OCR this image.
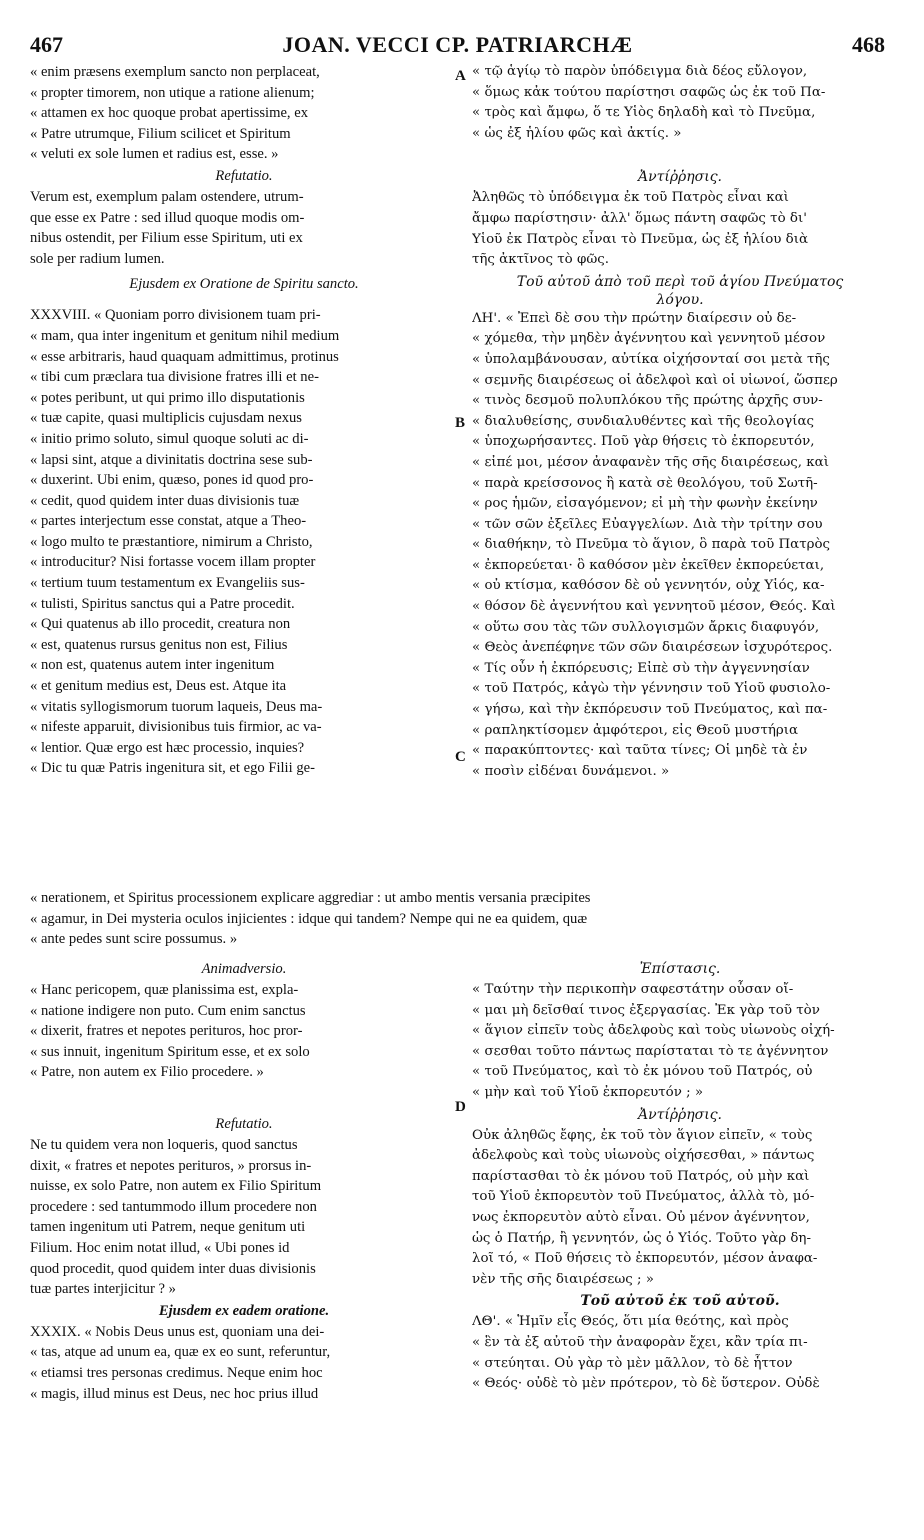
467	JOAN. VECCI CP. PATRIARCHÆ	468
A
B
C
D
« enim præsens exemplum sancto non perplaceat,
« propter timorem, non utique a ratione alienum;
« attamen ex hoc quoque probat apertissime, ex
« Patre utrumque, Filium scilicet et Spiritum
« veluti ex sole lumen et radius est, esse. »
Refutatio.
Verum est, exemplum palam ostendere, utrum-
que esse ex Patre : sed illud quoque modis om-
nibus ostendit, per Filium esse Spiritum, uti ex
sole per radium lumen.
Ejusdem ex Oratione de Spiritu sancto.
XXXVIII. « Quoniam porro divisionem tuam pri-
« mam, qua inter ingenitum et genitum nihil medium
« esse arbitraris, haud quaquam admittimus, protinus
« tibi cum præclara tua divisione fratres illi et ne-
« potes peribunt, ut qui primo illo disputationis
« tuæ capite, quasi multiplicis cujusdam nexus
« initio primo soluto, simul quoque soluti ac di-
« lapsi sint, atque a divinitatis doctrina sese sub-
« duxerint. Ubi enim, quæso, pones id quod pro-
« cedit, quod quidem inter duas divisionis tuæ
« partes interjectum esse constat, atque a Theo-
« logo multo te præstantiore, nimirum a Christo,
« introducitur? Nisi fortasse vocem illam propter
« tertium tuum testamentum ex Evangeliis sus-
« tulisti, Spiritus sanctus qui a Patre procedit.
« Qui quatenus ab illo procedit, creatura non
« est, quatenus rursus genitus non est, Filius
« non est, quatenus autem inter ingenitum
« et genitum medius est, Deus est. Atque ita
« vitatis syllogismorum tuorum laqueis, Deus ma-
« nifeste apparuit, divisionibus tuis firmior, ac va-
« lentior. Quæ ergo est hæc processio, inquies?
« Dic tu quæ Patris ingenitura sit, et ego Filii ge-
« τῷ ἁγίῳ τὸ παρὸν ὑπόδειγμα διὰ δέος εὔλογον,
« ὅμως κἀκ τούτου παρίστησι σαφῶς ὡς ἐκ τοῦ Πα-
« τρὸς καὶ ἄμφω, ὅ τε Υἱὸς δηλαδὴ καὶ τὸ Πνεῦμα,
« ὡς ἐξ ἡλίου φῶς καὶ ἀκτίς. »
Ἀντίῤῥησις.
Ἀληθῶς τὸ ὑπόδειγμα ἐκ τοῦ Πατρὸς εἶναι καὶ
ἄμφω παρίστησιν· ἀλλ' ὅμως πάντη σαφῶς τὸ δι'
Υἱοῦ ἐκ Πατρὸς εἶναι τὸ Πνεῦμα, ὡς ἐξ ἡλίου διὰ
τῆς ἀκτῖνος τὸ φῶς.
Τοῦ αὐτοῦ ἀπὸ τοῦ περὶ τοῦ ἁγίου Πνεύματος
λόγου.
ΛΗ'. « Ἐπεὶ δὲ σου τὴν πρώτην διαίρεσιν οὐ δε-
« χόμεθα, τὴν μηδὲν ἀγέννητου καὶ γεννητοῦ μέσον
« ὑπολαμβάνουσαν, αὐτίκα οἰχήσονταί σοι μετὰ τῆς
« σεμνῆς διαιρέσεως οἱ ἀδελφοὶ καὶ οἱ υἱωνοί, ὥσπερ
« τινὸς δεσμοῦ πολυπλόκου τῆς πρώτης ἀρχῆς συν-
« διαλυθείσης, συνδιαλυθέντες καὶ τῆς θεολογίας
« ὑποχωρήσαντες. Ποῦ γὰρ θήσεις τὸ ἐκπορευτόν,
« εἰπέ μοι, μέσον ἀναφανὲν τῆς σῆς διαιρέσεως, καὶ
« παρὰ κρείσσονος ἢ κατὰ σὲ θεολόγου, τοῦ Σωτῆ-
« ρος ἡμῶν, εἰσαγόμενον; εἰ μὴ τὴν φωνὴν ἐκείνην
« τῶν σῶν ἐξεῖλες Εὐαγγελίων. Διὰ τὴν τρίτην σου
« διαθήκην, τὸ Πνεῦμα τὸ ἅγιον, ὃ παρὰ τοῦ Πατρὸς
« ἐκπορεύεται· ὃ καθόσον μὲν ἐκεῖθεν ἐκπορεύεται,
« οὐ κτίσμα, καθόσον δὲ οὐ γεννητόν, οὐχ Υἱός, κα-
« θόσον δὲ ἀγεννήτου καὶ γεννητοῦ μέσον, Θεός. Καὶ
« οὕτω σου τὰς τῶν συλλογισμῶν ἄρκις διαφυγόν,
« Θεὸς ἀνεπέφηνε τῶν σῶν διαιρέσεων ἰσχυρότερος.
« Τίς οὖν ἡ ἐκπόρευσις; Εἰπὲ σὺ τὴν ἀγγεννησίαν
« τοῦ Πατρός, κἀγὼ τὴν γέννησιν τοῦ Υἱοῦ φυσιολο-
« γήσω, καὶ τὴν ἐκπόρευσιν τοῦ Πνεύματος, καὶ πα-
« ραπληκτίσομεν ἀμφότεροι, εἰς Θεοῦ μυστήρια
« παρακύπτοντες· καὶ ταῦτα τίνες; Οἱ μηδὲ τὰ ἐν
« ποσὶν εἰδέναι δυνάμενοι. »
« nerationem, et Spiritus processionem explicare aggrediar : ut ambo mentis versania præcipites
« agamur, in Dei mysteria oculos injicientes : idque qui tandem? Nempe qui ne ea quidem, quæ
« ante pedes sunt scire possumus. »
Animadversio.
« Hanc pericopem, quæ planissima est, expla-
« natione indigere non puto. Cum enim sanctus
« dixerit, fratres et nepotes perituros, hoc pror-
« sus innuit, ingenitum Spiritum esse, et ex solo
« Patre, non autem ex Filio procedere. »
Refutatio.
Ne tu quidem vera non loqueris, quod sanctus
dixit, « fratres et nepotes perituros, » prorsus in-
nuisse, ex solo Patre, non autem ex Filio Spiritum
procedere : sed tantummodo illum procedere non
tamen ingenitum uti Patrem, neque genitum uti
Filium. Hoc enim notat illud, « Ubi pones id
quod procedit, quod quidem inter duas divisionis
tuæ partes interjicitur ? »
Ejusdem ex eadem oratione.
XXXIX. « Nobis Deus unus est, quoniam una dei-
« tas, atque ad unum ea, quæ ex eo sunt, referuntur,
« etiamsi tres personas credimus. Neque enim hoc
« magis, illud minus est Deus, nec hoc prius illud
Ἐπίστασις.
« Ταύτην τὴν περικοπὴν σαφεστάτην οὖσαν οἴ-
« μαι μὴ δεῖσθαί τινος ἐξεργασίας. Ἐκ γὰρ τοῦ τὸν
« ἅγιον εἰπεῖν τοὺς ἀδελφοὺς καὶ τοὺς υἱωνοὺς οἰχή-
« σεσθαι τοῦτο πάντως παρίσταται τὸ τε ἀγέννητον
« τοῦ Πνεύματος, καὶ τὸ ἐκ μόνου τοῦ Πατρός, οὐ
« μὴν καὶ τοῦ Υἱοῦ ἐκπορευτόν ; »
Ἀντίῤῥησις.
Οὐκ ἀληθῶς ἔφης, ἐκ τοῦ τὸν ἅγιον εἰπεῖν, « τοὺς
ἀδελφοὺς καὶ τοὺς υἱωνοὺς οἰχήσεσθαι, » πάντως
παρίστασθαι τὸ ἐκ μόνου τοῦ Πατρός, οὐ μὴν καὶ
τοῦ Υἱοῦ ἐκπορευτὸν τοῦ Πνεύματος, ἀλλὰ τὸ, μό-
νως ἐκπορευτὸν αὐτὸ εἶναι. Οὐ μένον ἀγέννητον,
ὡς ὁ Πατήρ, ἢ γεννητόν, ὡς ὁ Υἱός. Τοῦτο γὰρ δη-
λοῖ τό, « Ποῦ θήσεις τὸ ἐκπορευτόν, μέσον ἀναφα-
νὲν τῆς σῆς διαιρέσεως ; »
Τοῦ αὐτοῦ ἐκ τοῦ αὐτοῦ.
ΛΘ'. « Ἡμῖν εἷς Θεός, ὅτι μία θεότης, καὶ πρὸς
« ἓν τὰ ἐξ αὐτοῦ τὴν ἀναφορὰν ἔχει, κἂν τρία πι-
« στεύηται. Οὐ γὰρ τὸ μὲν μᾶλλον, τὸ δὲ ἧττον
« Θεός· οὐδὲ τὸ μὲν πρότερον, τὸ δὲ ὕστερον. Οὐδὲ
